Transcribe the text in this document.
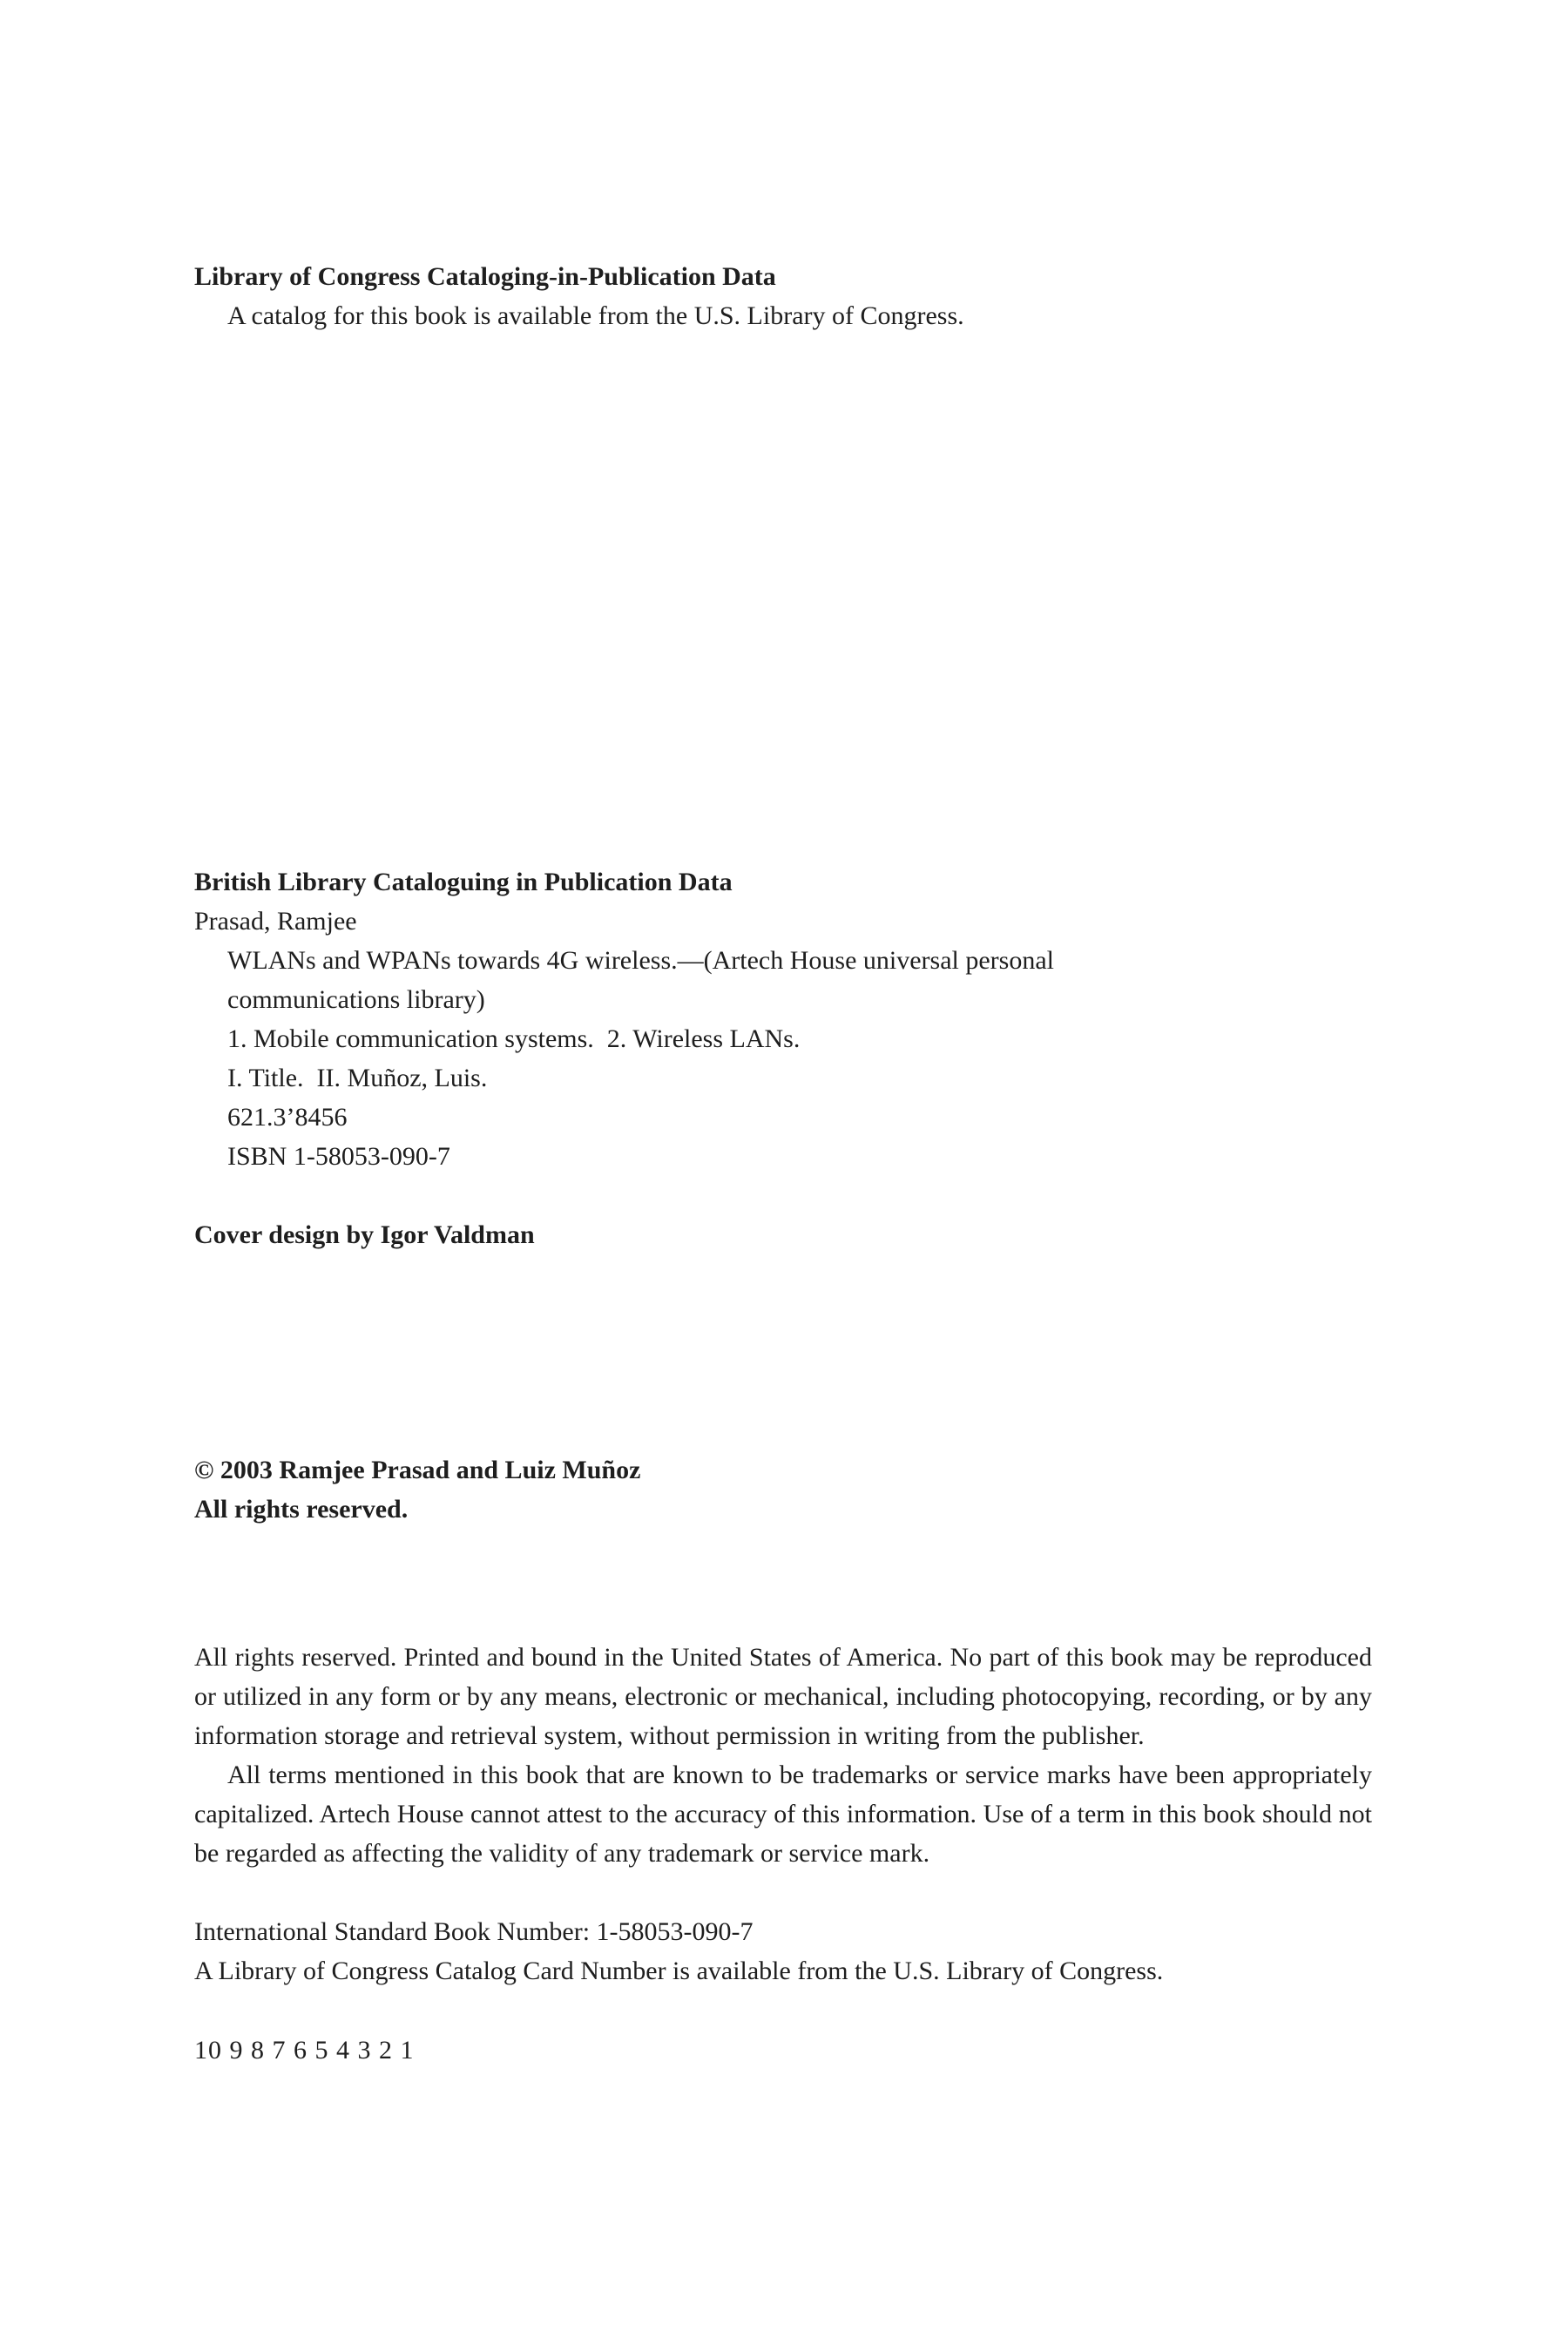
Library of Congress Cataloging-in-Publication Data

A catalog for this book is available from the U.S. Library of Congress.

British Library Cataloguing in Publication Data

Prasad, Ramjee

WLANs and WPANs towards 4G wireless.—(Artech House universal personal

communications library)

1. Mobile communication systems.  2. Wireless LANs.

I. Title.  II. Muñoz, Luis.

621.3’8456

ISBN 1-58053-090-7

Cover design by Igor Valdman

© 2003 Ramjee Prasad and Luiz Muñoz

All rights reserved.

All rights reserved. Printed and bound in the United States of America. No part of this book may be reproduced or utilized in any form or by any means, electronic or mechanical, including photocopying, recording, or by any information storage and retrieval system, without permission in writing from the publisher.

All terms mentioned in this book that are known to be trademarks or service marks have been appropriately capitalized. Artech House cannot attest to the accuracy of this information. Use of a term in this book should not be regarded as affecting the validity of any trademark or service mark.

International Standard Book Number: 1-58053-090-7

A Library of Congress Catalog Card Number is available from the U.S. Library of Congress.

10 9 8 7 6 5 4 3 2 1
